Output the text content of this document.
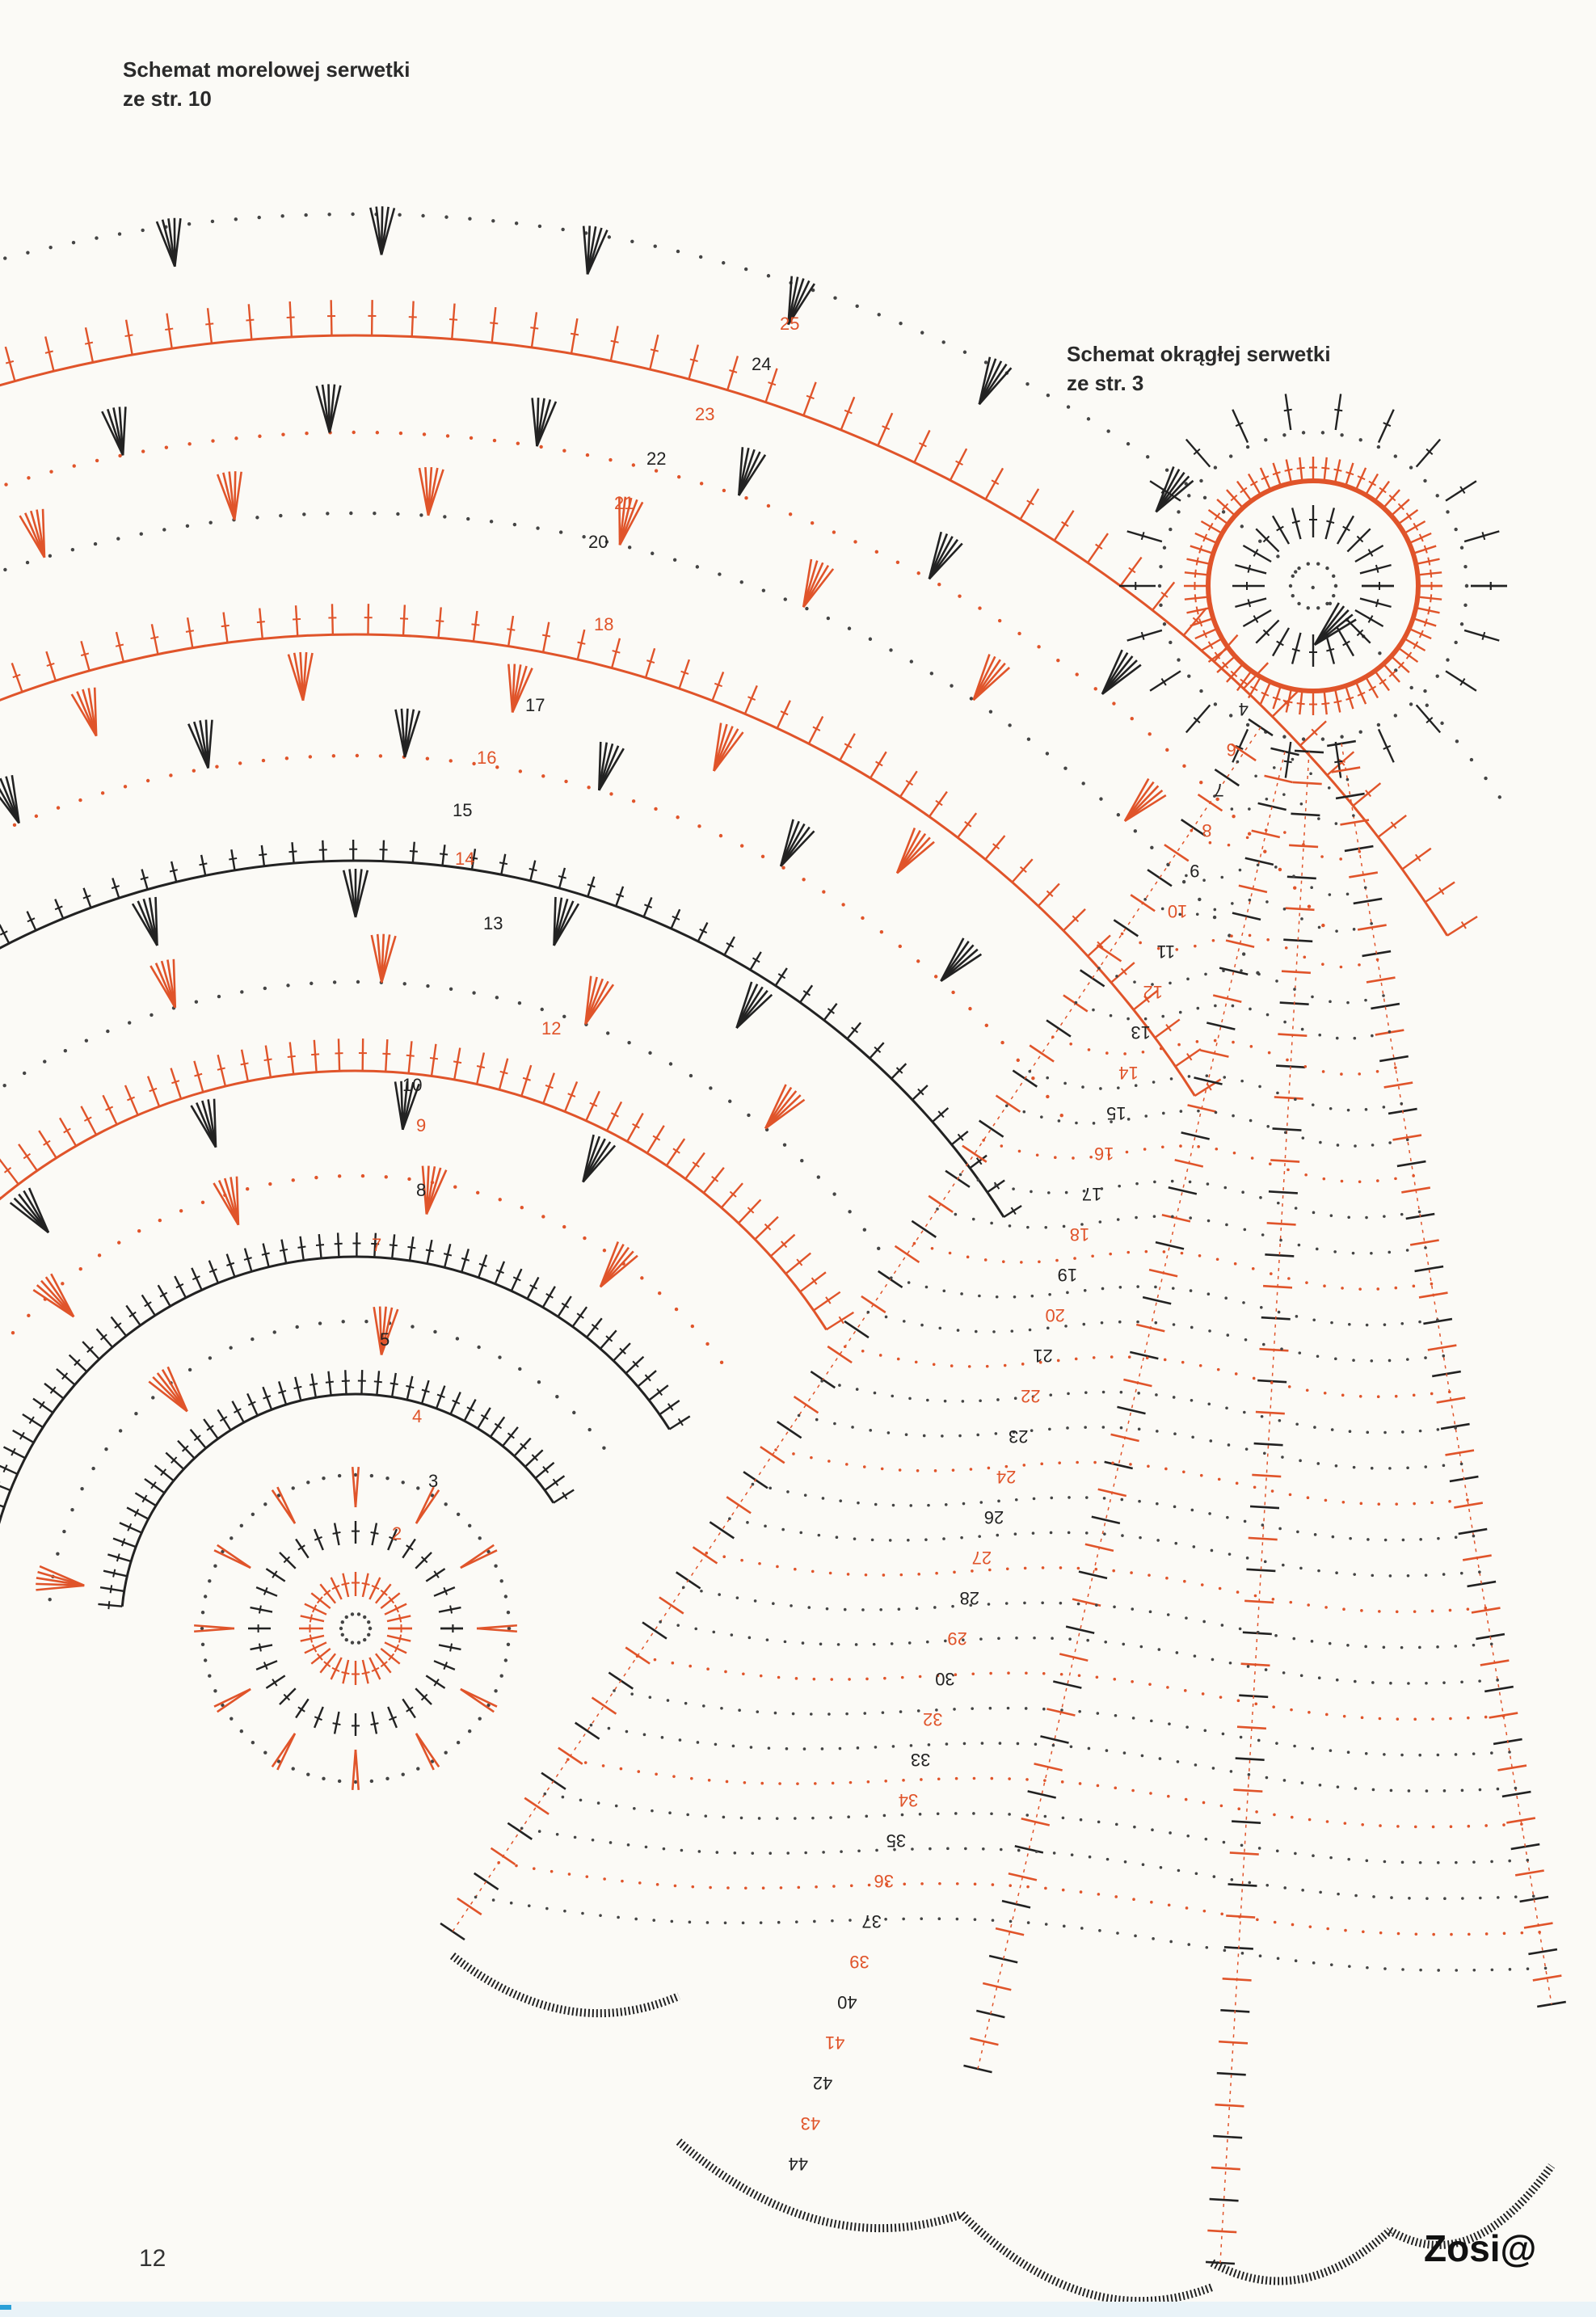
Schemat morelowej serwetki
ze str. 10
Schemat okrągłej serwetki
ze str. 3
2
3
4
5
7
8
9
10
12
13
14
15
16
17
18
20
21
22
23
24
25
4
6
7
8
9
10
11
12
13
14
15
16
17
18
19
20
21
22
23
24
26
27
28
29
30
32
33
34
35
36
37
39
40
41
42
43
44
12	Zosi@
